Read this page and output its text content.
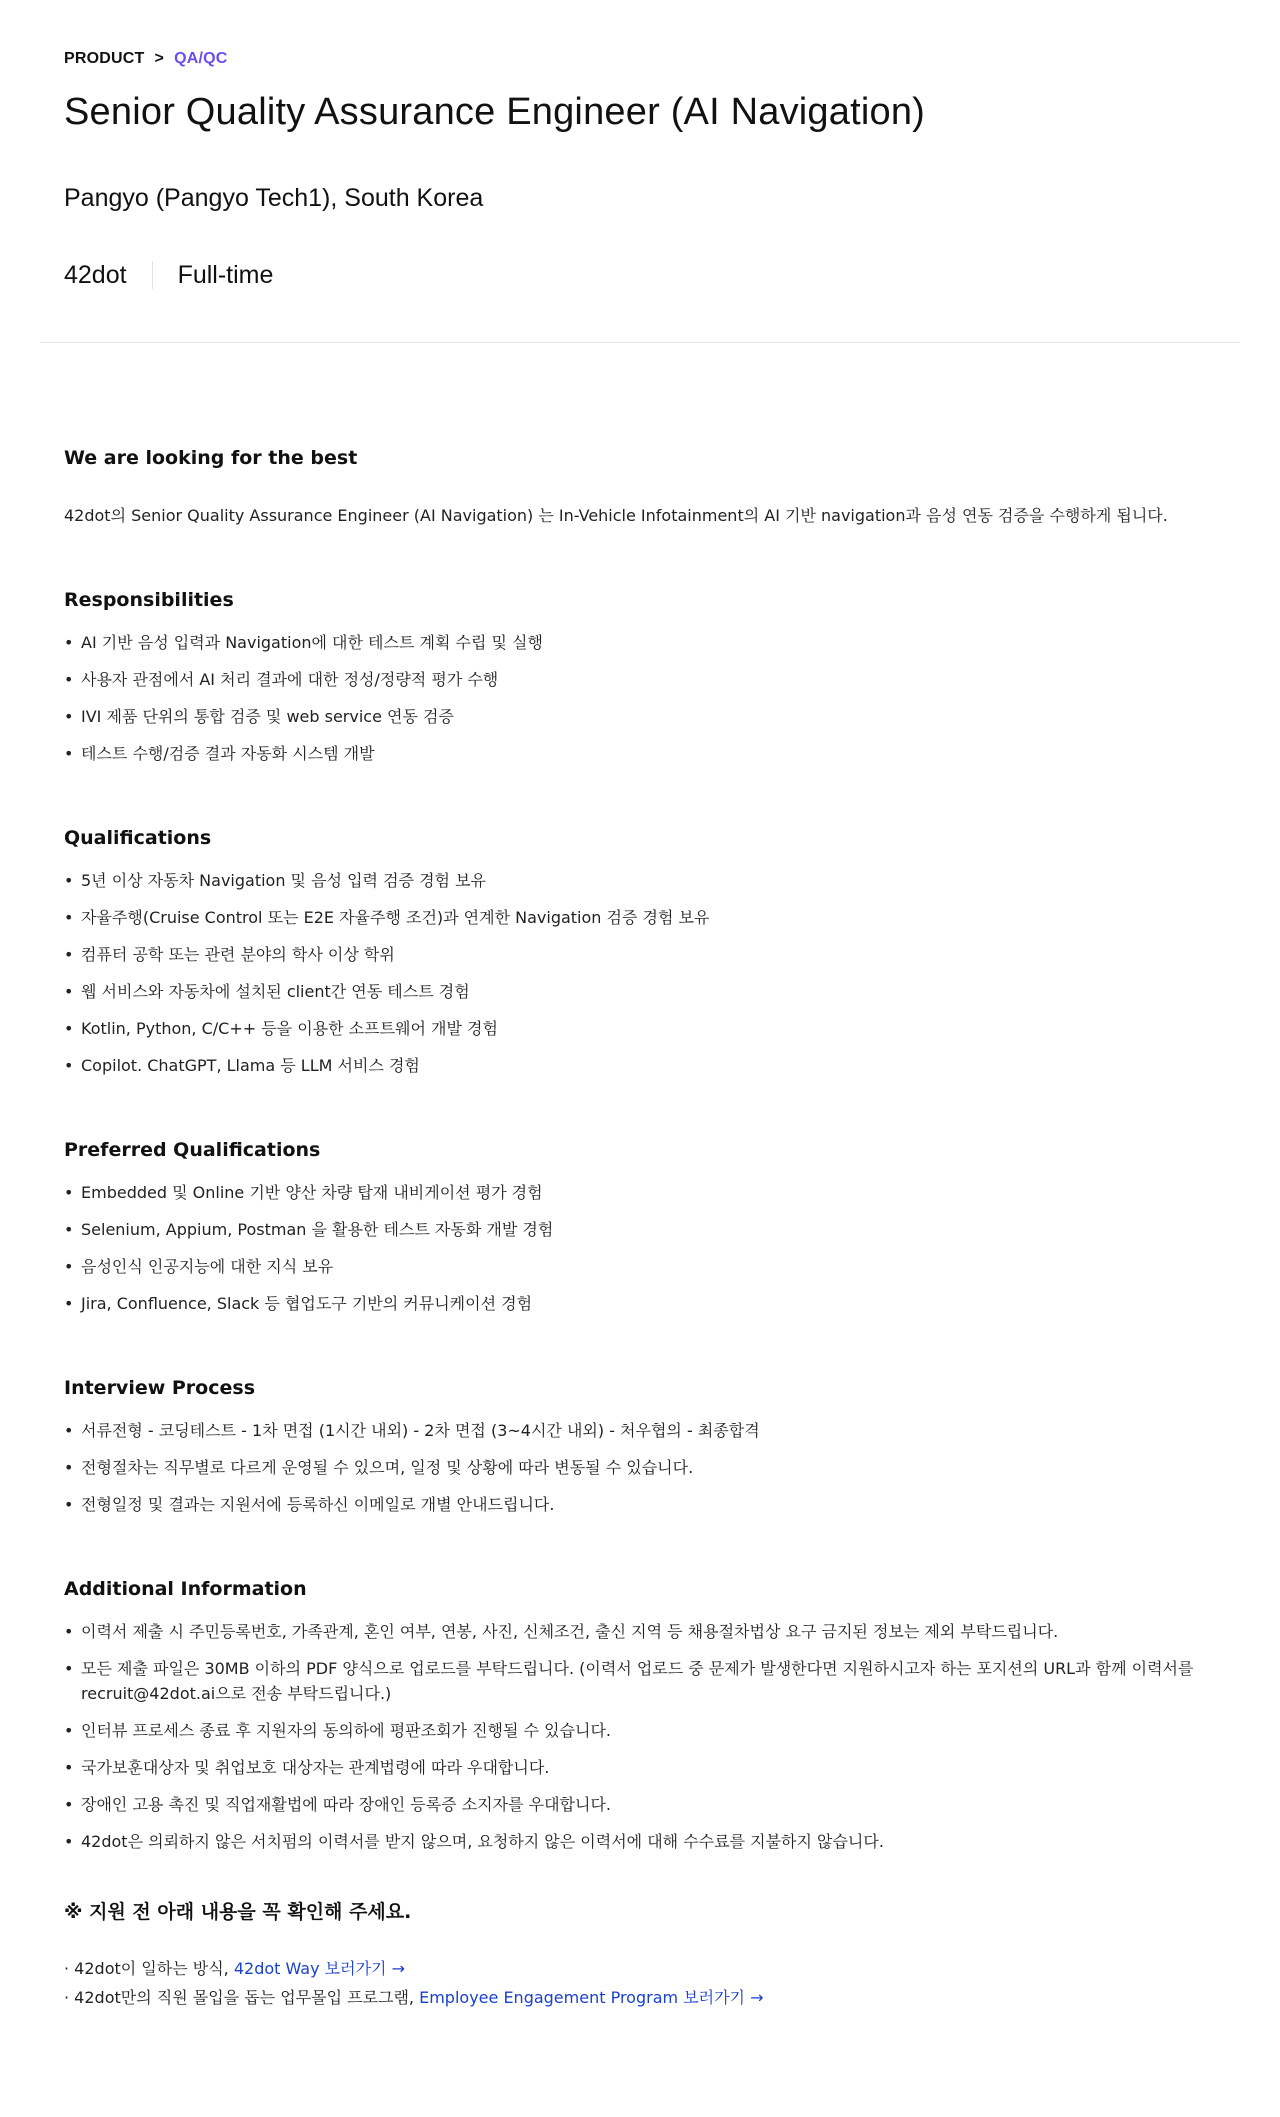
PRODUCT > QA/QC
Senior Quality Assurance Engineer (AI Navigation)
Pangyo (Pangyo Tech1), South Korea
42dot Full-time
We are looking for the best

42dot의 Senior Quality Assurance Engineer (AI Navigation) 는 In-Vehicle Infotainment의 AI 기반 navigation과 음성 연동 검증을 수행하게 됩니다.

Responsibilities
• AI 기반 음성 입력과 Navigation에 대한 테스트 계획 수립 및 실행
• 사용자 관점에서 AI 처리 결과에 대한 정성/정량적 평가 수행
• IVI 제품 단위의 통합 검증 및 web service 연동 검증
• 테스트 수행/검증 결과 자동화 시스템 개발
Qualifications
• 5년 이상 자동차 Navigation 및 음성 입력 검증 경험 보유
• 자율주행(Cruise Control 또는 E2E 자율주행 조건)과 연계한 Navigation 검증 경험 보유
• 컴퓨터 공학 또는 관련 분야의 학사 이상 학위
• 웹 서비스와 자동차에 설치된 client간 연동 테스트 경험
• Kotlin, Python, C/C++ 등을 이용한 소프트웨어 개발 경험
• Copilot. ChatGPT, Llama 등 LLM 서비스 경험
Preferred Qualifications
• Embedded 및 Online 기반 양산 차량 탑재 내비게이션 평가 경험
• Selenium, Appium, Postman 을 활용한 테스트 자동화 개발 경험
• 음성인식 인공지능에 대한 지식 보유
• Jira, Confluence, Slack 등 협업도구 기반의 커뮤니케이션 경험
Interview Process
• 서류전형 - 코딩테스트 - 1차 면접 (1시간 내외) - 2차 면접 (3~4시간 내외) - 처우협의 - 최종합격
• 전형절차는 직무별로 다르게 운영될 수 있으며, 일정 및 상황에 따라 변동될 수 있습니다.
• 전형일정 및 결과는 지원서에 등록하신 이메일로 개별 안내드립니다.
Additional Information
• 이력서 제출 시 주민등록번호, 가족관계, 혼인 여부, 연봉, 사진, 신체조건, 출신 지역 등 채용절차법상 요구 금지된 정보는 제외 부탁드립니다.
• 모든 제출 파일은 30MB 이하의 PDF 양식으로 업로드를 부탁드립니다. (이력서 업로드 중 문제가 발생한다면 지원하시고자 하는 포지션의 URL과 함께 이력서를 recruit@42dot.ai으로 전송 부탁드립니다.)
• 인터뷰 프로세스 종료 후 지원자의 동의하에 평판조회가 진행될 수 있습니다.
• 국가보훈대상자 및 취업보호 대상자는 관계법령에 따라 우대합니다.
• 장애인 고용 촉진 및 직업재활법에 따라 장애인 등록증 소지자를 우대합니다.
• 42dot은 의뢰하지 않은 서치펌의 이력서를 받지 않으며, 요청하지 않은 이력서에 대해 수수료를 지불하지 않습니다.
※ 지원 전 아래 내용을 꼭 확인해 주세요.
· 42dot이 일하는 방식, 42dot Way 보러가기 →
· 42dot만의 직원 몰입을 돕는 업무몰입 프로그램, Employee Engagement Program 보러가기 →
